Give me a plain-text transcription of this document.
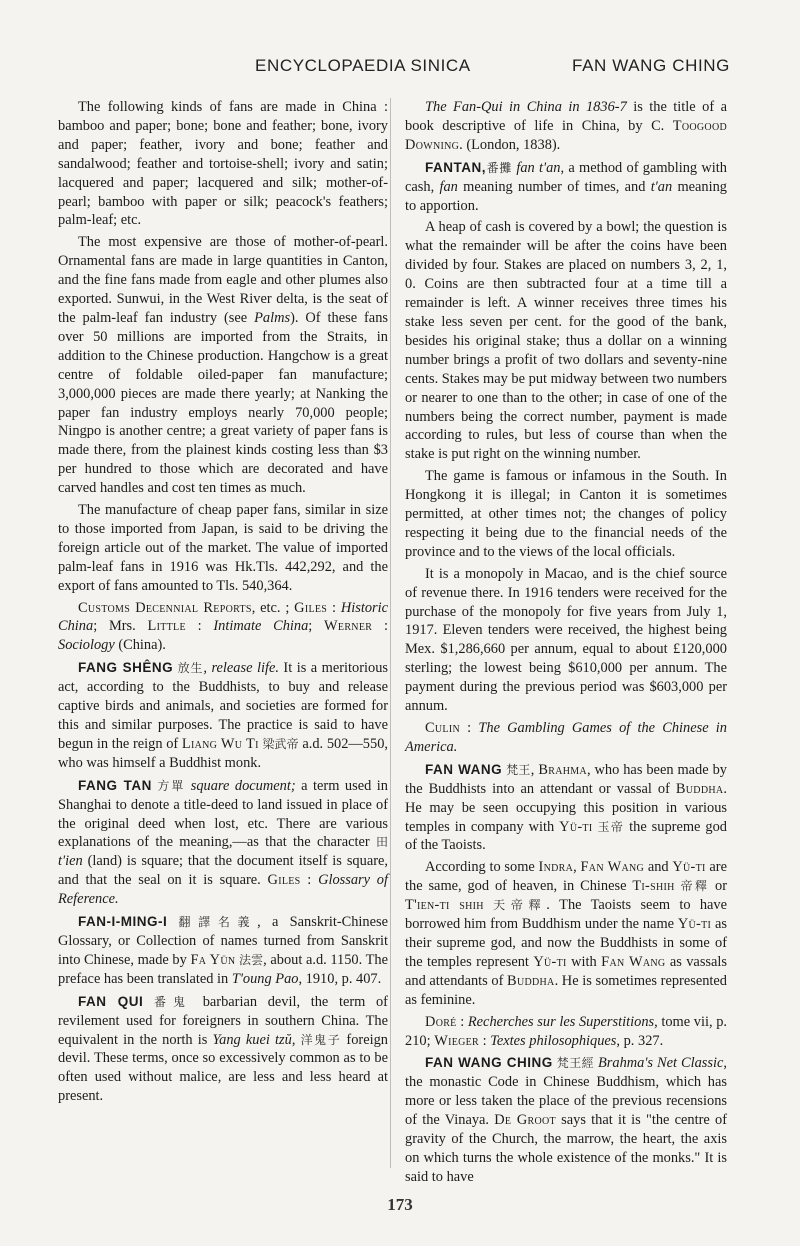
ENCYCLOPAEDIA SINICA	FAN WANG CHING

The following kinds of fans are made in China : bamboo and paper; bone; bone and feather; bone, ivory and paper; feather, ivory and bone; feather and sandalwood; feather and tortoise-shell; ivory and satin; lacquered and paper; lacquered and silk; mother-of-pearl; bamboo with paper or silk; peacock's feathers; palm-leaf; etc.

The most expensive are those of mother-of-pearl. Ornamental fans are made in large quantities in Canton, and the fine fans made from eagle and other plumes also exported. Sunwui, in the West River delta, is the seat of the palm-leaf fan industry (see Palms). Of these fans over 50 millions are imported from the Straits, in addition to the Chinese production. Hangchow is a great centre of foldable oiled-paper fan manufacture; 3,000,000 pieces are made there yearly; at Nanking the paper fan industry employs nearly 70,000 people; Ningpo is another centre; a great variety of paper fans is made there, from the plainest kinds costing less than $3 per hundred to those which are decorated and have carved handles and cost ten times as much.

The manufacture of cheap paper fans, similar in size to those imported from Japan, is said to be driving the foreign article out of the market. The value of imported palm-leaf fans in 1916 was Hk.Tls. 442,292, and the export of fans amounted to Tls. 540,364.

Customs Decennial Reports, etc. ; Giles : Historic China; Mrs. Little : Intimate China; Werner : Sociology (China).

FANG SHÊNG 放生, release life. It is a meritorious act, according to the Buddhists, to buy and release captive birds and animals, and societies are formed for this and similar purposes. The practice is said to have begun in the reign of Liang Wu Ti 梁武帝 a.d. 502—550, who was himself a Buddhist monk.

FANG TAN 方單 square document; a term used in Shanghai to denote a title-deed to land issued in place of the original deed when lost, etc. There are various explanations of the meaning,—as that the character 田 t'ien (land) is square; that the document itself is square, and that the seal on it is square. Giles : Glossary of Reference.

FAN-I-MING-I 翻譯名義, a Sanskrit-Chinese Glossary, or Collection of names turned from Sanskrit into Chinese, made by Fa Yün 法雲, about a.d. 1150. The preface has been translated in T'oung Pao, 1910, p. 407.

FAN QUI 番鬼 barbarian devil, the term of revilement used for foreigners in southern China. The equivalent in the north is Yang kuei tzŭ, 洋鬼子 foreign devil. These terms, once so excessively common as to be often used without malice, are less and less heard at present.

The Fan-Qui in China in 1836-7 is the title of a book descriptive of life in China, by C. Toogood Downing. (London, 1838).

FANTAN,番攤 fan t'an, a method of gambling with cash, fan meaning number of times, and t'an meaning to apportion.

A heap of cash is covered by a bowl; the question is what the remainder will be after the coins have been divided by four. Stakes are placed on numbers 3, 2, 1, 0. Coins are then subtracted four at a time till a remainder is left. A winner receives three times his stake less seven per cent. for the good of the bank, besides his original stake; thus a dollar on a winning number brings a profit of two dollars and seventy-nine cents. Stakes may be put midway between two numbers or nearer to one than to the other; in case of one of the numbers being the correct number, payment is made according to rules, but less of course than when the stake is put right on the winning number.

The game is famous or infamous in the South. In Hongkong it is illegal; in Canton it is sometimes permitted, at other times not; the changes of policy respecting it being due to the financial needs of the province and to the views of the local officials.

It is a monopoly in Macao, and is the chief source of revenue there. In 1916 tenders were received for the purchase of the monopoly for five years from July 1, 1917. Eleven tenders were received, the highest being Mex. $1,286,660 per annum, equal to about £120,000 sterling; the lowest being $610,000 per annum. The payment during the previous period was $603,000 per annum.

Culin : The Gambling Games of the Chinese in America.

FAN WANG 梵王, Brahma, who has been made by the Buddhists into an attendant or vassal of Buddha. He may be seen occupying this position in various temples in company with Yü-ti 玉帝 the supreme god of the Taoists.

According to some Indra, Fan Wang and Yü-ti are the same, god of heaven, in Chinese Ti-shih 帝釋 or T'ien-ti shih 天帝釋. The Taoists seem to have borrowed him from Buddhism under the name Yü-ti as their supreme god, and now the Buddhists in some of the temples represent Yü-ti with Fan Wang as vassals and attendants of Buddha. He is sometimes represented as feminine.

Doré : Recherches sur les Superstitions, tome vii, p. 210; Wieger : Textes philosophiques, p. 327.

FAN WANG CHING 梵王經 Brahma's Net Classic, the monastic Code in Chinese Buddhism, which has more or less taken the place of the previous recensions of the Vinaya. De Groot says that it is "the centre of gravity of the Church, the marrow, the heart, the axis on which turns the whole existence of the monks." It is said to have

173
